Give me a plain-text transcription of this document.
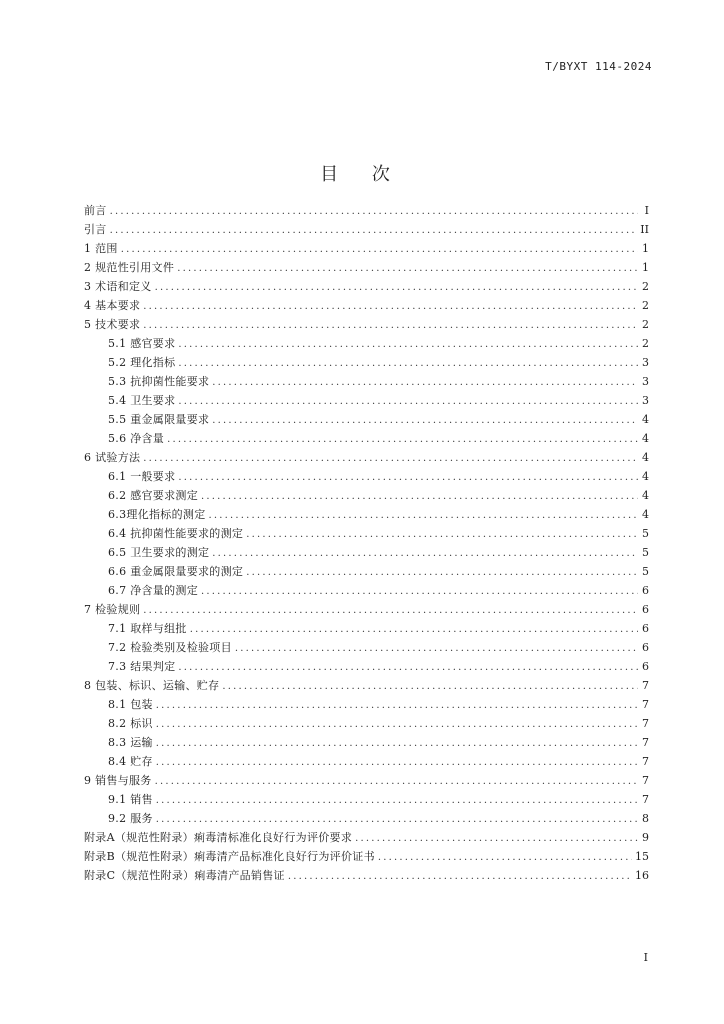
T/BYXT 114-2024
目 次
前言 .....	I
引言 .....	II
1 范围 .....	1
2 规范性引用文件 .....	1
3 术语和定义 .....	2
4 基本要求 .....	2
5 技术要求 .....	2
5.1 感官要求 .....	2
5.2 理化指标 .....	3
5.3 抗抑菌性能要求 .....	3
5.4 卫生要求 .....	3
5.5 重金属限量要求 .....	4
5.6 净含量 .....	4
6 试验方法 .....	4
6.1 一般要求 .....	4
6.2 感官要求测定 .....	4
6.3理化指标的测定 .....	4
6.4 抗抑菌性能要求的测定 .....	5
6.5 卫生要求的测定 .....	5
6.6 重金属限量要求的测定 .....	5
6.7 净含量的测定 .....	6
7 检验规则 .....	6
7.1 取样与组批 .....	6
7.2 检验类别及检验项目 .....	6
7.3 结果判定 .....	6
8 包装、标识、运输、贮存 .....	7
8.1 包装 .....	7
8.2 标识 .....	7
8.3 运输 .....	7
8.4 贮存 .....	7
9 销售与服务 .....	7
9.1 销售 .....	7
9.2 服务 .....	8
附录A（规范性附录）痢毒清标准化良好行为评价要求 .....	9
附录B（规范性附录）痢毒清产品标准化良好行为评价证书 .....	15
附录C（规范性附录）痢毒清产品销售证 .....	16
I
